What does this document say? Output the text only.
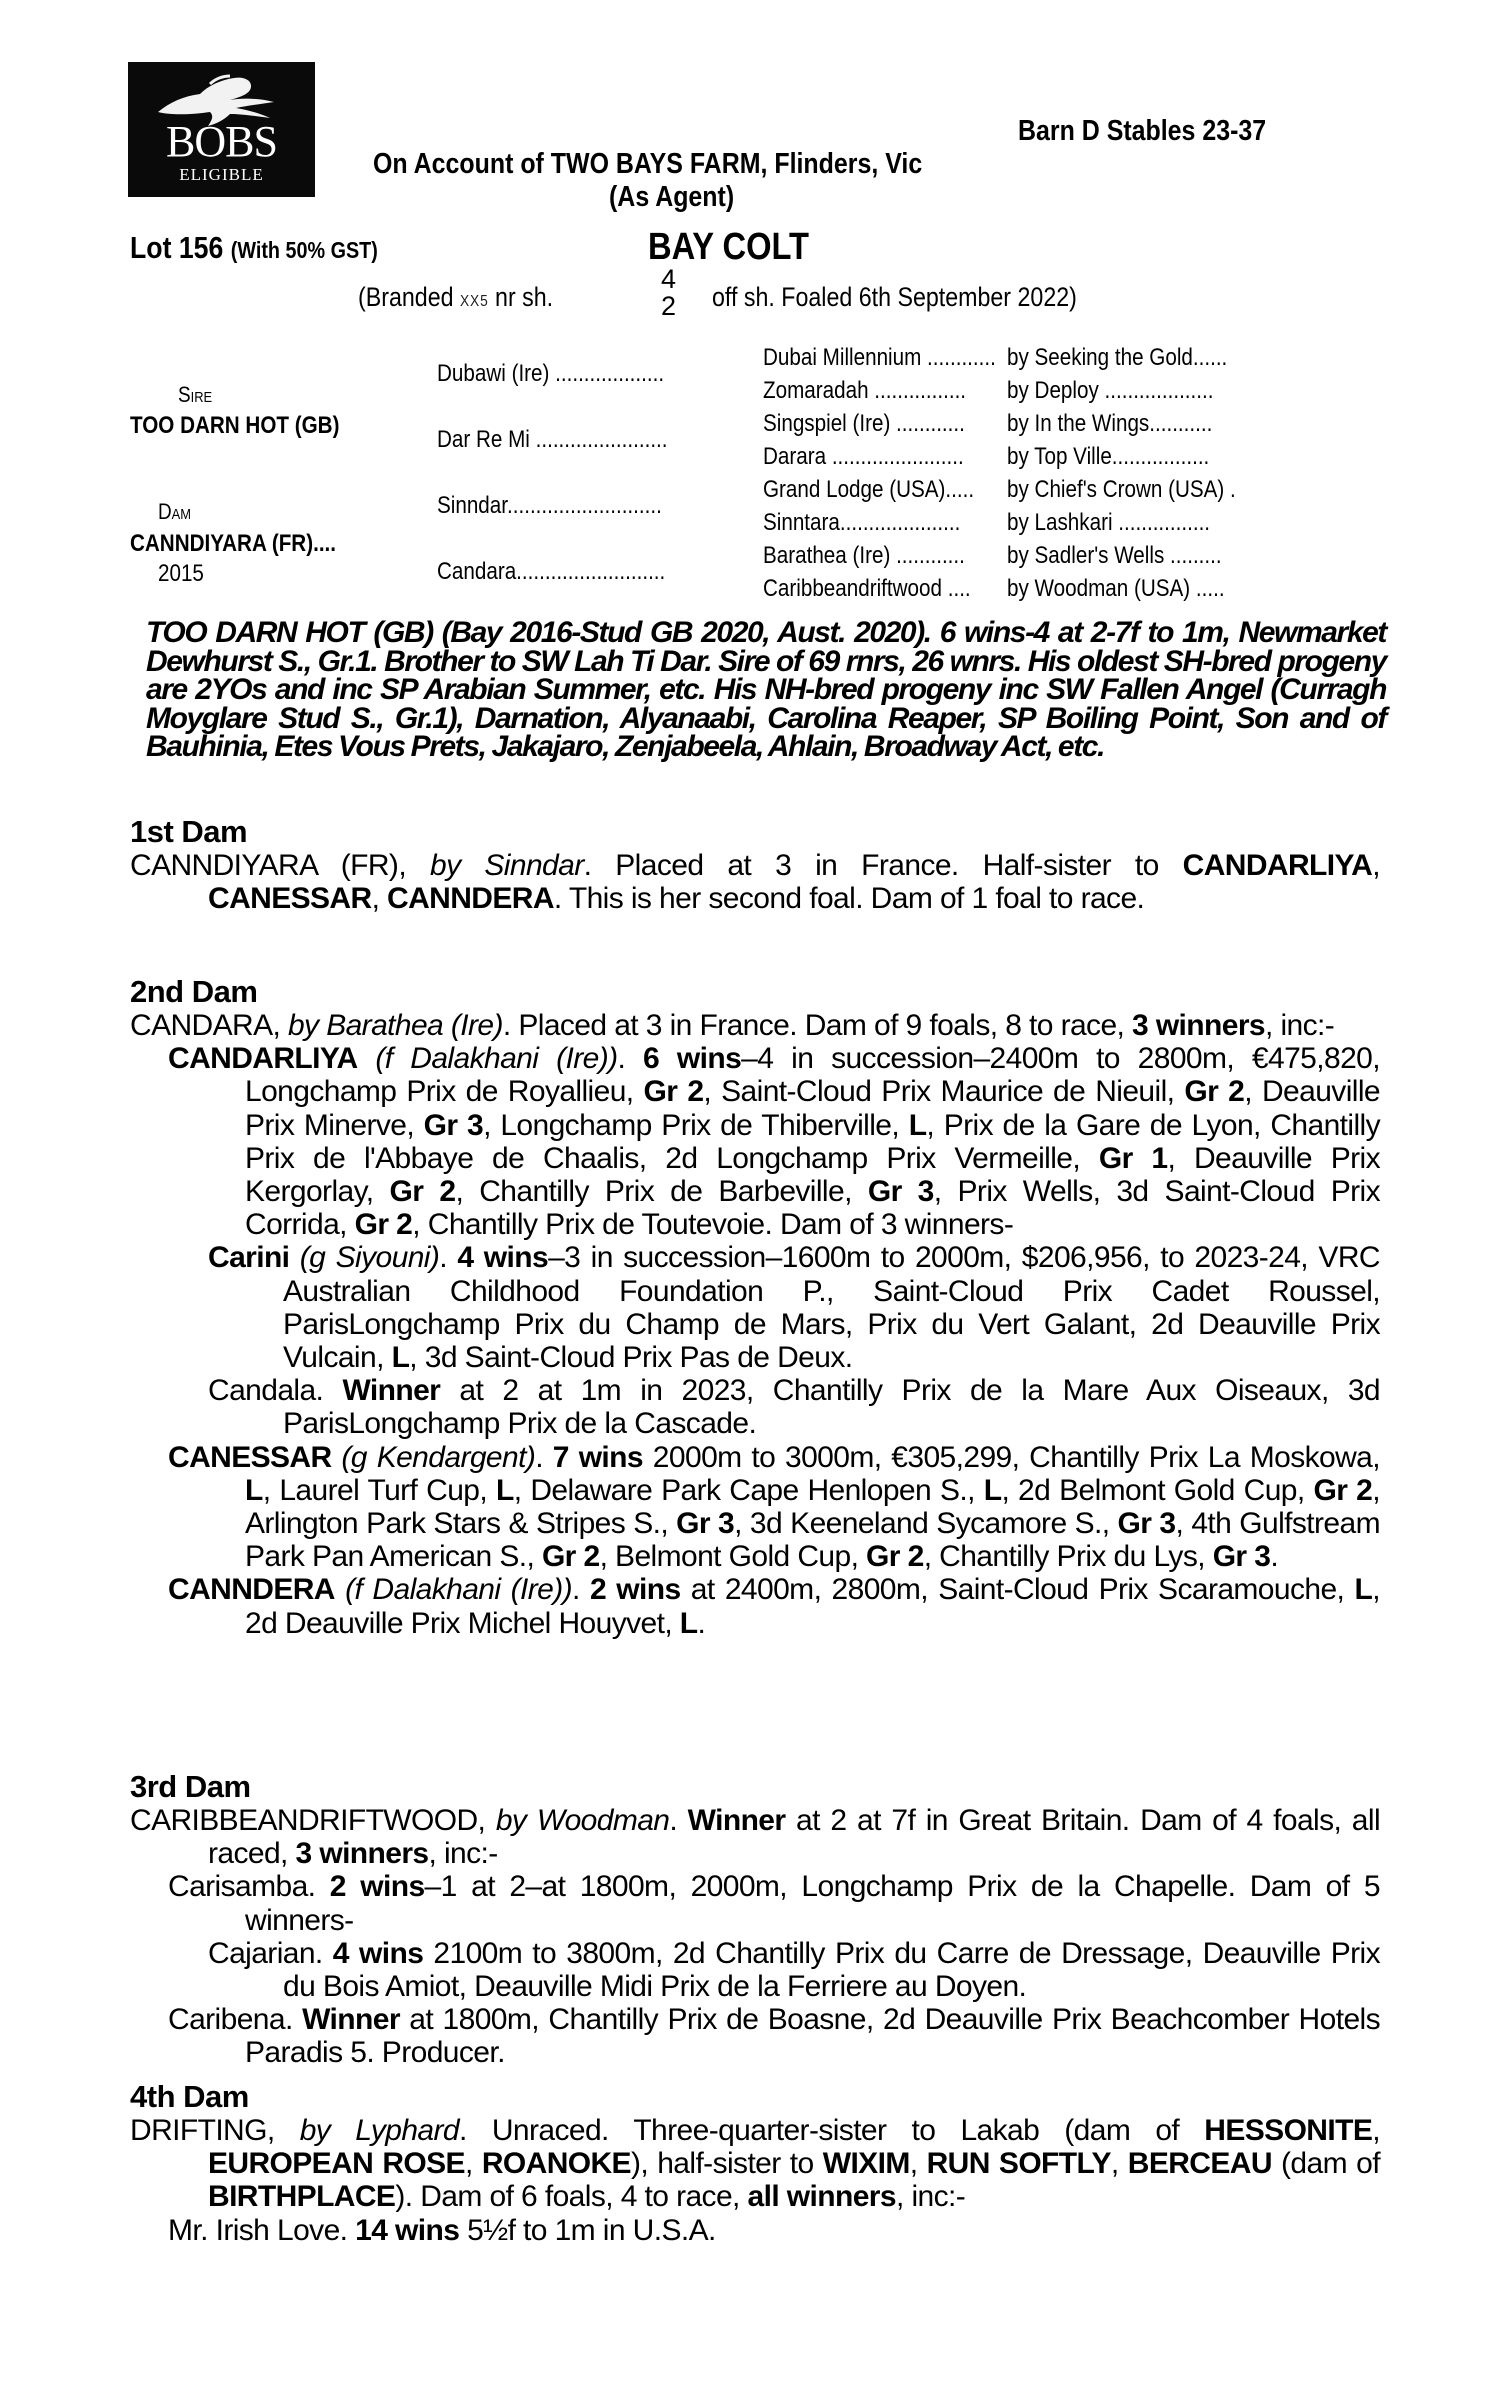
BOBS
ELIGIBLE
Barn D Stables 23-37
On Account of TWO BAYS FARM, Flinders, Vic
(As Agent)
Lot 156 (With 50% GST)	BAY COLT
(Branded XX5 nr sh.
4
2 off sh. Foaled 6th September 2022)
Sire
TOO DARN HOT (GB)
Dam
CANNDIYARA (FR)....
2015
Dubawi (Ire) ...................
Dar Re Mi .......................
Sinndar...........................
Candara..........................
Dubai Millennium ............ by Seeking the Gold......
Zomaradah ................ by Deploy ...................
Singspiel (Ire) ............ by In the Wings...........
Darara ....................... by Top Ville.................
Grand Lodge (USA)..... by Chief's Crown (USA) .
Sinntara..................... by Lashkari ................
Barathea (Ire) ............ by Sadler's Wells .........
Caribbeandriftwood .... by Woodman (USA) .....
TOO DARN HOT (GB) (Bay 2016-Stud GB 2020, Aust. 2020). 6 wins-4 at 2-7f to 1m, Newmarket Dewhurst S., Gr.1. Brother to SW Lah Ti Dar. Sire of 69 rnrs, 26 wnrs. His oldest SH-bred progeny are 2YOs and inc SP Arabian Summer, etc. His NH-bred progeny inc SW Fallen Angel (Curragh Moyglare Stud S., Gr.1), Darnation, Alyanaabi, Carolina Reaper, SP Boiling Point, Son and of Bauhinia, Etes Vous Prets, Jakajaro, Zenjabeela, Ahlain, Broadway Act, etc.
1st Dam
CANNDIYARA (FR), by Sinndar. Placed at 3 in France. Half-sister to CANDARLIYA, CANESSAR, CANNDERA. This is her second foal. Dam of 1 foal to race.
2nd Dam
CANDARA, by Barathea (Ire). Placed at 3 in France. Dam of 9 foals, 8 to race, 3 winners, inc:-
CANDARLIYA (f Dalakhani (Ire)). 6 wins–4 in succession–2400m to 2800m, €475,820, Longchamp Prix de Royallieu, Gr 2, Saint-Cloud Prix Maurice de Nieuil, Gr 2, Deauville Prix Minerve, Gr 3, Longchamp Prix de Thiberville, L, Prix de la Gare de Lyon, Chantilly Prix de l'Abbaye de Chaalis, 2d Longchamp Prix Vermeille, Gr 1, Deauville Prix Kergorlay, Gr 2, Chantilly Prix de Barbeville, Gr 3, Prix Wells, 3d Saint-Cloud Prix Corrida, Gr 2, Chantilly Prix de Toutevoie. Dam of 3 winners-
Carini (g Siyouni). 4 wins–3 in succession–1600m to 2000m, $206,956, to 2023-24, VRC Australian Childhood Foundation P., Saint-Cloud Prix Cadet Roussel, ParisLongchamp Prix du Champ de Mars, Prix du Vert Galant, 2d Deauville Prix Vulcain, L, 3d Saint-Cloud Prix Pas de Deux.
Candala. Winner at 2 at 1m in 2023, Chantilly Prix de la Mare Aux Oiseaux, 3d ParisLongchamp Prix de la Cascade.
CANESSAR (g Kendargent). 7 wins 2000m to 3000m, €305,299, Chantilly Prix La Moskowa, L, Laurel Turf Cup, L, Delaware Park Cape Henlopen S., L, 2d Belmont Gold Cup, Gr 2, Arlington Park Stars & Stripes S., Gr 3, 3d Keeneland Sycamore S., Gr 3, 4th Gulfstream Park Pan American S., Gr 2, Belmont Gold Cup, Gr 2, Chantilly Prix du Lys, Gr 3.
CANNDERA (f Dalakhani (Ire)). 2 wins at 2400m, 2800m, Saint-Cloud Prix Scaramouche, L, 2d Deauville Prix Michel Houyvet, L.
3rd Dam
CARIBBEANDRIFTWOOD, by Woodman. Winner at 2 at 7f in Great Britain. Dam of 4 foals, all raced, 3 winners, inc:-
Carisamba. 2 wins–1 at 2–at 1800m, 2000m, Longchamp Prix de la Chapelle. Dam of 5 winners-
Cajarian. 4 wins 2100m to 3800m, 2d Chantilly Prix du Carre de Dressage, Deauville Prix du Bois Amiot, Deauville Midi Prix de la Ferriere au Doyen.
Caribena. Winner at 1800m, Chantilly Prix de Boasne, 2d Deauville Prix Beachcomber Hotels Paradis 5. Producer.
4th Dam
DRIFTING, by Lyphard. Unraced. Three-quarter-sister to Lakab (dam of HESSONITE, EUROPEAN ROSE, ROANOKE), half-sister to WIXIM, RUN SOFTLY, BERCEAU (dam of BIRTHPLACE). Dam of 6 foals, 4 to race, all winners, inc:-
Mr. Irish Love. 14 wins 5½f to 1m in U.S.A.
